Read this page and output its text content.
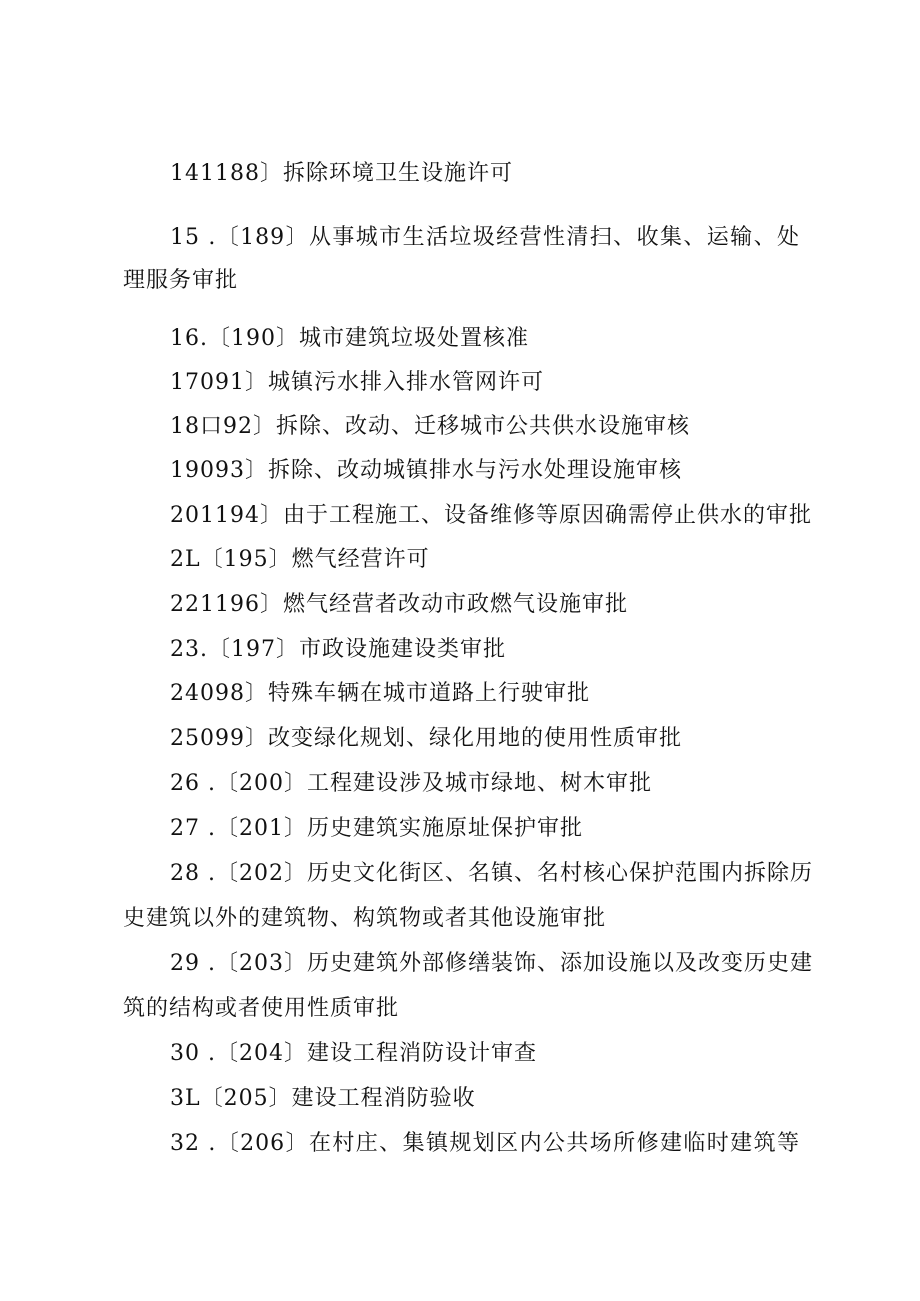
141188〕拆除环境卫生设施许可
15 .〔189〕从事城市生活垃圾经营性清扫、收集、运输、处
理服务审批
16.〔190〕城市建筑垃圾处置核准
17091〕城镇污水排入排水管网许可
18口92〕拆除、改动、迁移城市公共供水设施审核
19093〕拆除、改动城镇排水与污水处理设施审核
201194〕由于工程施工、设备维修等原因确需停止供水的审批
2L〔195〕燃气经营许可
221196〕燃气经营者改动市政燃气设施审批
23.〔197〕市政设施建设类审批
24098〕特殊车辆在城市道路上行驶审批
25099〕改变绿化规划、绿化用地的使用性质审批
26 .〔200〕工程建设涉及城市绿地、树木审批
27 .〔201〕历史建筑实施原址保护审批
28 .〔202〕历史文化街区、名镇、名村核心保护范围内拆除历
史建筑以外的建筑物、构筑物或者其他设施审批
29 .〔203〕历史建筑外部修缮装饰、添加设施以及改变历史建
筑的结构或者使用性质审批
30 .〔204〕建设工程消防设计审查
3L〔205〕建设工程消防验收
32 .〔206〕在村庄、集镇规划区内公共场所修建临时建筑等
